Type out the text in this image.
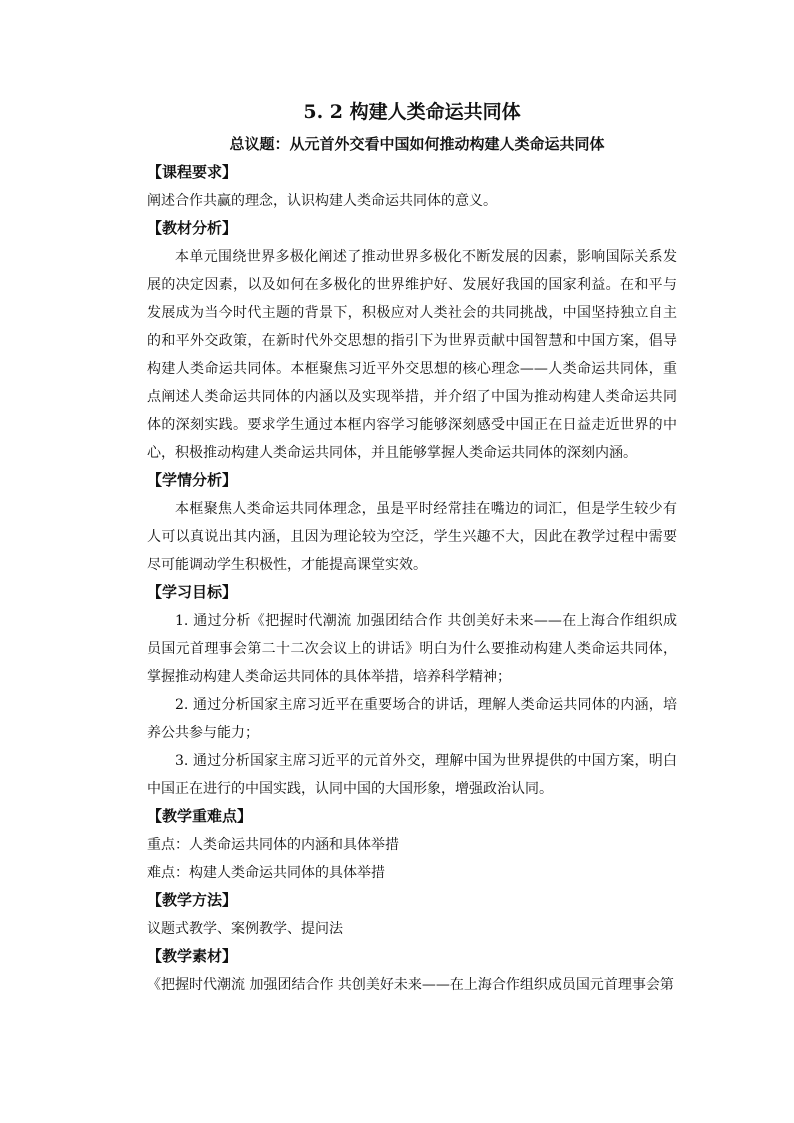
5. 2 构建人类命运共同体
总议题：从元首外交看中国如何推动构建人类命运共同体
【课程要求】

阐述合作共赢的理念，认识构建人类命运共同体的意义。

【教材分析】

本单元围绕世界多极化阐述了推动世界多极化不断发展的因素，影响国际关系发展的决定因素，以及如何在多极化的世界维护好、发展好我国的国家利益。在和平与发展成为当今时代主题的背景下，积极应对人类社会的共同挑战，中国坚持独立自主的和平外交政策，在新时代外交思想的指引下为世界贡献中国智慧和中国方案，倡导构建人类命运共同体。本框聚焦习近平外交思想的核心理念——人类命运共同体，重点阐述人类命运共同体的内涵以及实现举措，并介绍了中国为推动构建人类命运共同体的深刻实践。要求学生通过本框内容学习能够深刻感受中国正在日益走近世界的中心，积极推动构建人类命运共同体，并且能够掌握人类命运共同体的深刻内涵。

【学情分析】

本框聚焦人类命运共同体理念，虽是平时经常挂在嘴边的词汇，但是学生较少有人可以真说出其内涵，且因为理论较为空泛，学生兴趣不大，因此在教学过程中需要尽可能调动学生积极性，才能提高课堂实效。

【学习目标】

1. 通过分析《把握时代潮流 加强团结合作 共创美好未来——在上海合作组织成员国元首理事会第二十二次会议上的讲话》明白为什么要推动构建人类命运共同体，掌握推动构建人类命运共同体的具体举措，培养科学精神；

2. 通过分析国家主席习近平在重要场合的讲话，理解人类命运共同体的内涵，培养公共参与能力；

3. 通过分析国家主席习近平的元首外交，理解中国为世界提供的中国方案，明白中国正在进行的中国实践，认同中国的大国形象，增强政治认同。

【教学重难点】

重点：人类命运共同体的内涵和具体举措

难点：构建人类命运共同体的具体举措

【教学方法】

议题式教学、案例教学、提问法

【教学素材】

《把握时代潮流 加强团结合作 共创美好未来——在上海合作组织成员国元首理事会第
